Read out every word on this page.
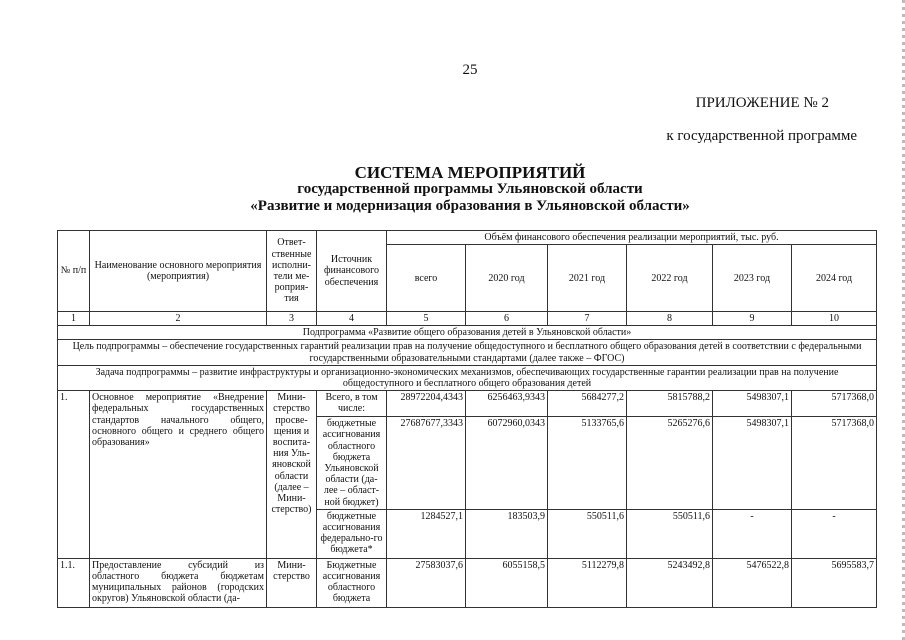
25
ПРИЛОЖЕНИЕ № 2
к государственной программе
СИСТЕМА МЕРОПРИЯТИЙ
государственной программы Ульяновской области
«Развитие и модернизация образования в Ульяновской области»
№ п/п	Наименование основного мероприятия (мероприятия)	Ответ-ственные исполни-тели ме-роприя-тия	Источник финансового обеспечения	Объём финансового обеспечения реализации мероприятий, тыс. руб.					
				всего	2020 год	2021 год	2022 год	2023 год	2024 год
1	2	3	4	5	6	7	8	9	10
Подпрограмма «Развитие общего образования детей в Ульяновской области»									
Цель подпрограммы – обеспечение государственных гарантий реализации прав на получение общедоступного и бесплатного общего образования детей в соответствии с федеральными государственными образовательными стандартами (далее также – ФГОС)									
Задача подпрограммы – развитие инфраструктуры и организационно-экономических механизмов, обеспечивающих государственные гарантии реализации прав на получение общедоступного и бесплатного общего образования детей									
1.	Основное мероприятие «Внедрение федеральных государственных стандартов начального общего, основного общего и среднего общего образования»	Мини-стерство просве-щения и воспита-ния Уль-яновской области (далее – Мини-стерство)	Всего, в том числе:	28972204,4343	6256463,9343	5684277,2	5815788,2	5498307,1	5717368,0
			бюджетные ассигнования областного бюджета Ульяновской области (да-лее – област-ной бюджет)	27687677,3343	6072960,0343	5133765,6	5265276,6	5498307,1	5717368,0
			бюджетные ассигнования федерально-го бюджета*	1284527,1	183503,9	550511,6	550511,6	-	-
1.1.	Предоставление субсидий из областного бюджета бюджетам муниципальных районов (городских округов) Ульяновской области (да-	Мини-стерство	Бюджетные ассигнования областного бюджета	27583037,6	6055158,5	5112279,8	5243492,8	5476522,8	5695583,7
